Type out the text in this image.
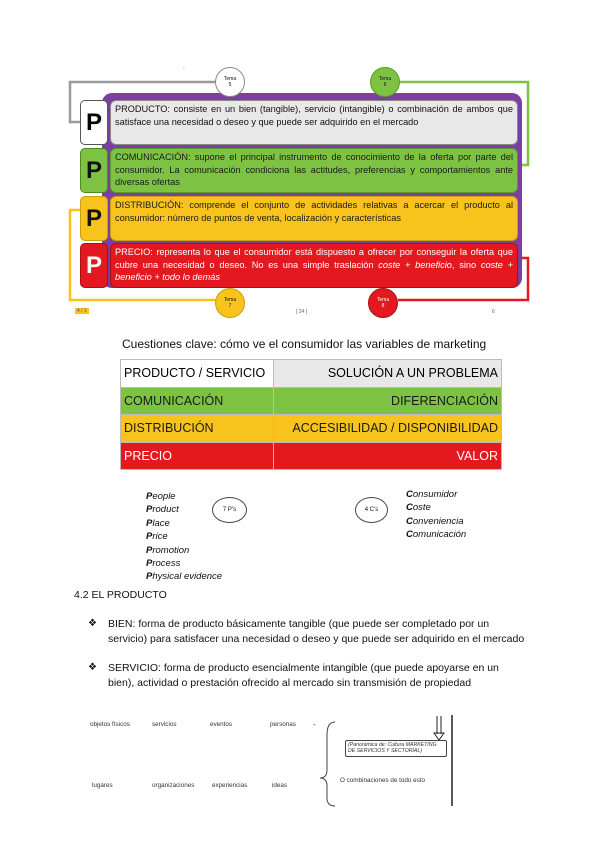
Tema
5
Tema
6
Tema
7
Tema
8
-
[ 24 ]	6
4 / 1
P	PRODUCTO: consiste en un bien (tangible), servicio (intangible) o combinación de ambos que satisface una necesidad o deseo y que puede ser adquirido en el mercado
P	COMUNICACIÓN: supone el principal instrumento de conocimiento de la oferta por parte del consumidor. La comunicación condiciona las actitudes, preferencias y comportamientos ante diversas ofertas
P	DISTRIBUCIÓN: comprende el conjunto de actividades relativas a acercar el producto al consumidor: número de puntos de venta, localización y características
P	PRECIO: representa lo que el consumidor está dispuesto a ofrecer por conseguir la oferta que cubre una necesidad o deseo. No es una simple traslación coste + beneficio, sino coste + beneficio + todo lo demás
Cuestiones clave: cómo ve el consumidor las variables de marketing
PRODUCTO / SERVICIO	SOLUCIÓN A UN PROBLEMA
COMUNICACIÓN	DIFERENCIACIÓN
DISTRIBUCIÓN	ACCESIBILIDAD / DISPONIBILIDAD
PRECIO	VALOR
People
Product
Place
Price
Promotion
Process
Physical evidence
7 P's
Consumidor
Coste
Conveniencia
Comunicación
4 C's
4.2 EL PRODUCTO
❖ BIEN: forma de producto básicamente tangible (que puede ser completado por un servicio) para satisfacer una necesidad o deseo y que puede ser adquirido en el mercado
❖ SERVICIO: forma de producto esencialmente intangible (que puede apoyarse en un bien), actividad o prestación ofrecido al mercado sin transmisión de propiedad
objetos físicos	servicios	eventos	personas -
lugares	organizaciones	experiencias	ideas
(Panorámica de: Cultura MARKETING DE SERVICIOS Y SECTORIAL)
O combinaciones de todo esto
